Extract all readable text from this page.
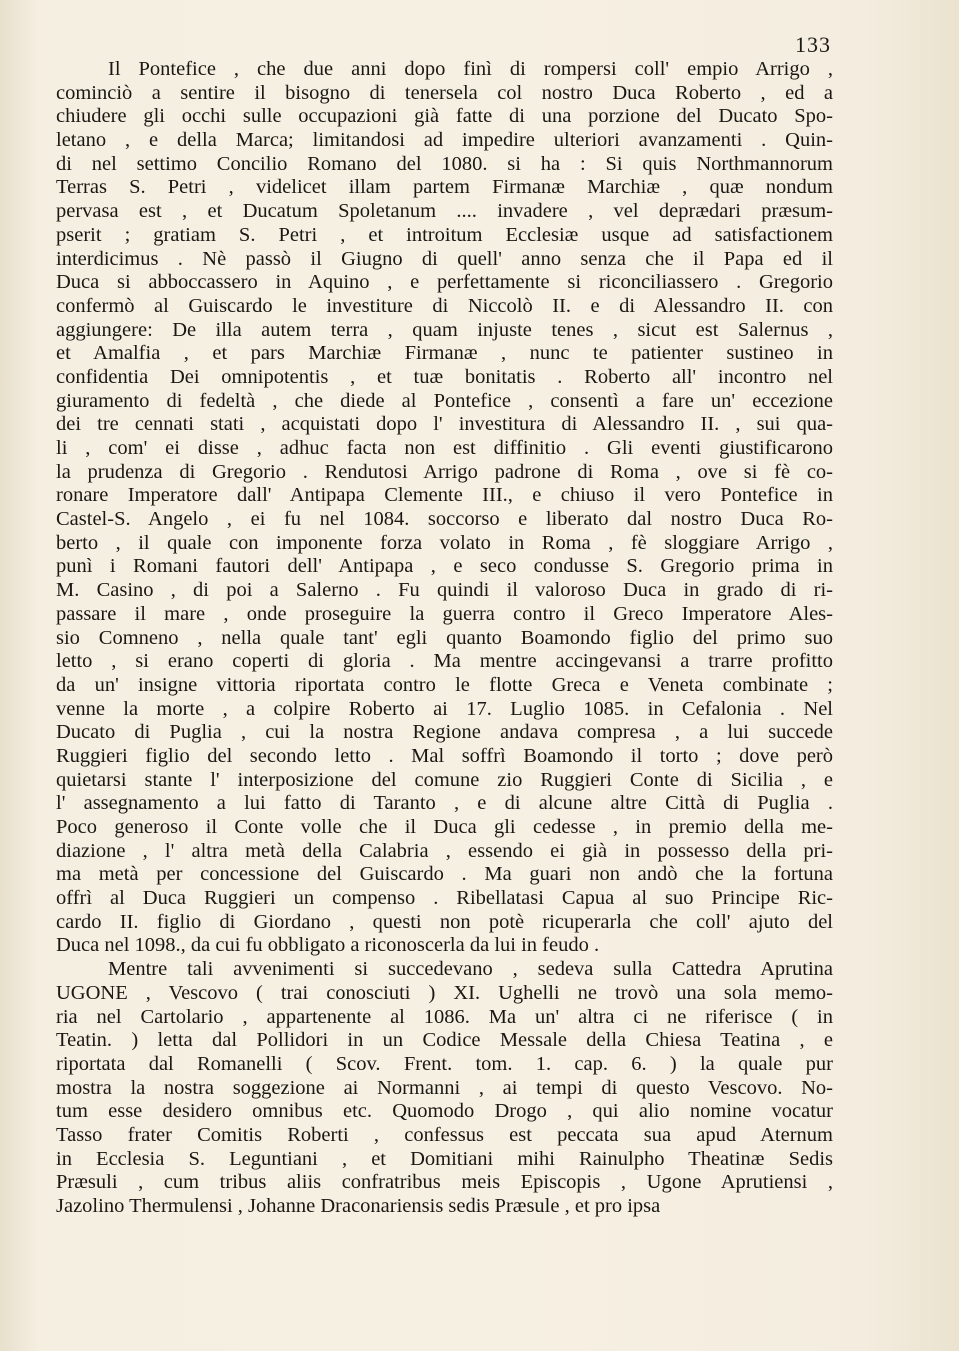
133
Il Pontefice , che due anni dopo finì di rompersi coll' empio Arrigo ,
cominciò a sentire il bisogno di tenersela col nostro Duca Roberto , ed a
chiudere gli occhi sulle occupazioni già fatte di una porzione del Ducato Spo-
letano , e della Marca; limitandosi ad impedire ulteriori avanzamenti . Quin-
di nel settimo Concilio Romano del 1080. si ha : Si quis Northmannorum
Terras S. Petri , videlicet illam partem Firmanæ Marchiæ , quæ nondum
pervasa est , et Ducatum Spoletanum .... invadere , vel deprædari præsum-
pserit ; gratiam S. Petri , et introitum Ecclesiæ usque ad satisfactionem
interdicimus . Nè passò il Giugno di quell' anno senza che il Papa ed il
Duca si abboccassero in Aquino , e perfettamente si riconciliassero . Gregorio
confermò al Guiscardo le investiture di Niccolò II. e di Alessandro II. con
aggiungere: De illa autem terra , quam injuste tenes , sicut est Salernus ,
et Amalfia , et pars Marchiæ Firmanæ , nunc te patienter sustineo in
confidentia Dei omnipotentis , et tuæ bonitatis . Roberto all' incontro nel
giuramento di fedeltà , che diede al Pontefice , consentì a fare un' eccezione
dei tre cennati stati , acquistati dopo l' investitura di Alessandro II. , sui qua-
li , com' ei disse , adhuc facta non est diffinitio . Gli eventi giustificarono
la prudenza di Gregorio . Rendutosi Arrigo padrone di Roma , ove si fè co-
ronare Imperatore dall' Antipapa Clemente III., e chiuso il vero Pontefice in
Castel-S. Angelo , ei fu nel 1084. soccorso e liberato dal nostro Duca Ro-
berto , il quale con imponente forza volato in Roma , fè sloggiare Arrigo ,
punì i Romani fautori dell' Antipapa , e seco condusse S. Gregorio prima in
M. Casino , di poi a Salerno . Fu quindi il valoroso Duca in grado di ri-
passare il mare , onde proseguire la guerra contro il Greco Imperatore Ales-
sio Comneno , nella quale tant' egli quanto Boamondo figlio del primo suo
letto , si erano coperti di gloria . Ma mentre accingevansi a trarre profitto
da un' insigne vittoria riportata contro le flotte Greca e Veneta combinate ;
venne la morte , a colpire Roberto ai 17. Luglio 1085. in Cefalonia . Nel
Ducato di Puglia , cui la nostra Regione andava compresa , a lui succede
Ruggieri figlio del secondo letto . Mal soffrì Boamondo il torto ; dove però
quietarsi stante l' interposizione del comune zio Ruggieri Conte di Sicilia , e
l' assegnamento a lui fatto di Taranto , e di alcune altre Città di Puglia .
Poco generoso il Conte volle che il Duca gli cedesse , in premio della me-
diazione , l' altra metà della Calabria , essendo ei già in possesso della pri-
ma metà per concessione del Guiscardo . Ma guari non andò che la fortuna
offrì al Duca Ruggieri un compenso . Ribellatasi Capua al suo Principe Ric-
cardo II. figlio di Giordano , questi non potè ricuperarla che coll' ajuto del
Duca nel 1098., da cui fu obbligato a riconoscerla da lui in feudo .
Mentre tali avvenimenti si succedevano , sedeva sulla Cattedra Aprutina
UGONE , Vescovo ( trai conosciuti ) XI. Ughelli ne trovò una sola memo-
ria nel Cartolario , appartenente al 1086. Ma un' altra ci ne riferisce ( in
Teatin. ) letta dal Pollidori in un Codice Messale della Chiesa Teatina , e
riportata dal Romanelli ( Scov. Frent. tom. 1. cap. 6. ) la quale pur
mostra la nostra soggezione ai Normanni , ai tempi di questo Vescovo. No-
tum esse desidero omnibus etc. Quomodo Drogo , qui alio nomine vocatur
Tasso frater Comitis Roberti , confessus est peccata sua apud Aternum
in Ecclesia S. Leguntiani , et Domitiani mihi Rainulpho Theatinæ Sedis
Præsuli , cum tribus aliis confratribus meis Episcopis , Ugone Aprutiensi ,
Jazolino Thermulensi , Johanne Draconariensis sedis Præsule , et pro ipsa
